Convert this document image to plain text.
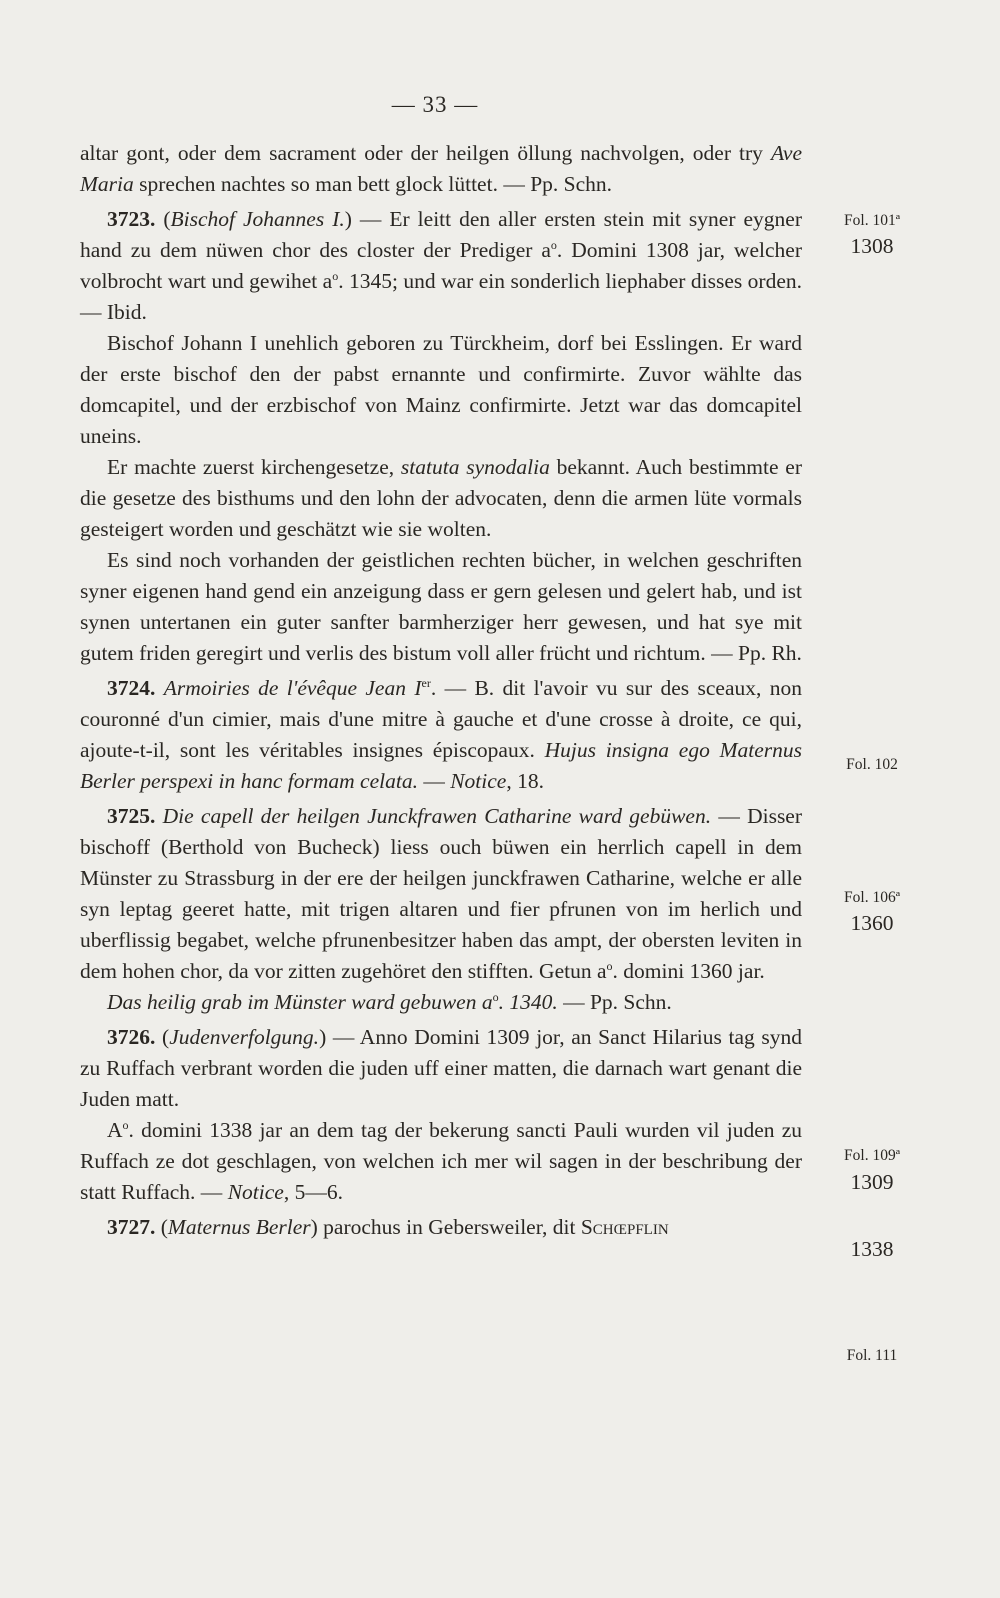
— 33 —

altar gont, oder dem sacrament oder der heilgen öllung nachvolgen, oder try Ave Maria sprechen nachtes so man bett glock lüttet. — Pp. Schn.

3723. (Bischof Johannes I.) — Er leitt den aller ersten stein mit syner eygner hand zu dem nüwen chor des closter der Prediger $a^o$. Domini 1308 jar, welcher volbrocht wart und gewihet $a^o$. 1345; und war ein sonderlich liephaber disses orden. — Ibid.

Bischof Johann I unehlich geboren zu Türckheim, dorf bei Esslingen. Er ward der erste bischof den der pabst ernannte und confirmirte. Zuvor wählte das domcapitel, und der erzbischof von Mainz confirmirte. Jetzt war das domcapitel uneins.

Er machte zuerst kirchengesetze, statuta synodalia bekannt. Auch bestimmte er die gesetze des bisthums und den lohn der advocaten, denn die armen lüte vormals gesteigert worden und geschätzt wie sie wolten.

Es sind noch vorhanden der geistlichen rechten bücher, in welchen geschriften syner eigenen hand gend ein anzeigung dass er gern gelesen und gelert hab, und ist synen untertanen ein guter sanfter barmherziger herr gewesen, und hat sye mit gutem friden geregirt und verlis des bistum voll aller frücht und richtum. — Pp. Rh.

3724. Armoiries de l'évêque Jean Ier. — B. dit l'avoir vu sur des sceaux, non couronné d'un cimier, mais d'une mitre à gauche et d'une crosse à droite, ce qui, ajoute-t-il, sont les véritables insignes épiscopaux. Hujus insigna ego Maternus Berler perspexi in hanc formam celata. — Notice, 18.

3725. Die capell der heilgen Junckfrawen Catharine ward gebüwen. — Disser bischoff (Berthold von Bucheck) liess ouch büwen ein herrlich capell in dem Münster zu Strassburg in der ere der heilgen junckfrawen Catharine, welche er alle syn leptag geeret hatte, mit trigen altaren und fier pfrunen von im herlich und uberflissig begabet, welche pfrunenbesitzer haben das ampt, der obersten leviten in dem hohen chor, da vor zitten zugehöret den stifften. Getun $a^o$. domini 1360 jar.

Das heilig grab im Münster ward gebuwen $a^o$. 1340. — Pp. Schn.

3726. (Judenverfolgung.) — Anno Domini 1309 jor, an Sanct Hilarius tag synd zu Ruffach verbrant worden die juden uff einer matten, die darnach wart genant die Juden matt.

$A^o$. domini 1338 jar an dem tag der bekerung sancti Pauli wurden vil juden zu Ruffach ze dot geschlagen, von welchen ich mer wil sagen in der beschribung der statt Ruffach. — Notice, 5—6.

3727. (Maternus Berler) parochus in Gebersweiler, dit Schœpflin

Fol. 101ª
1308
Fol. 102
Fol. 106ª
1360
Fol. 109ª
1309
1338
Fol. 111
